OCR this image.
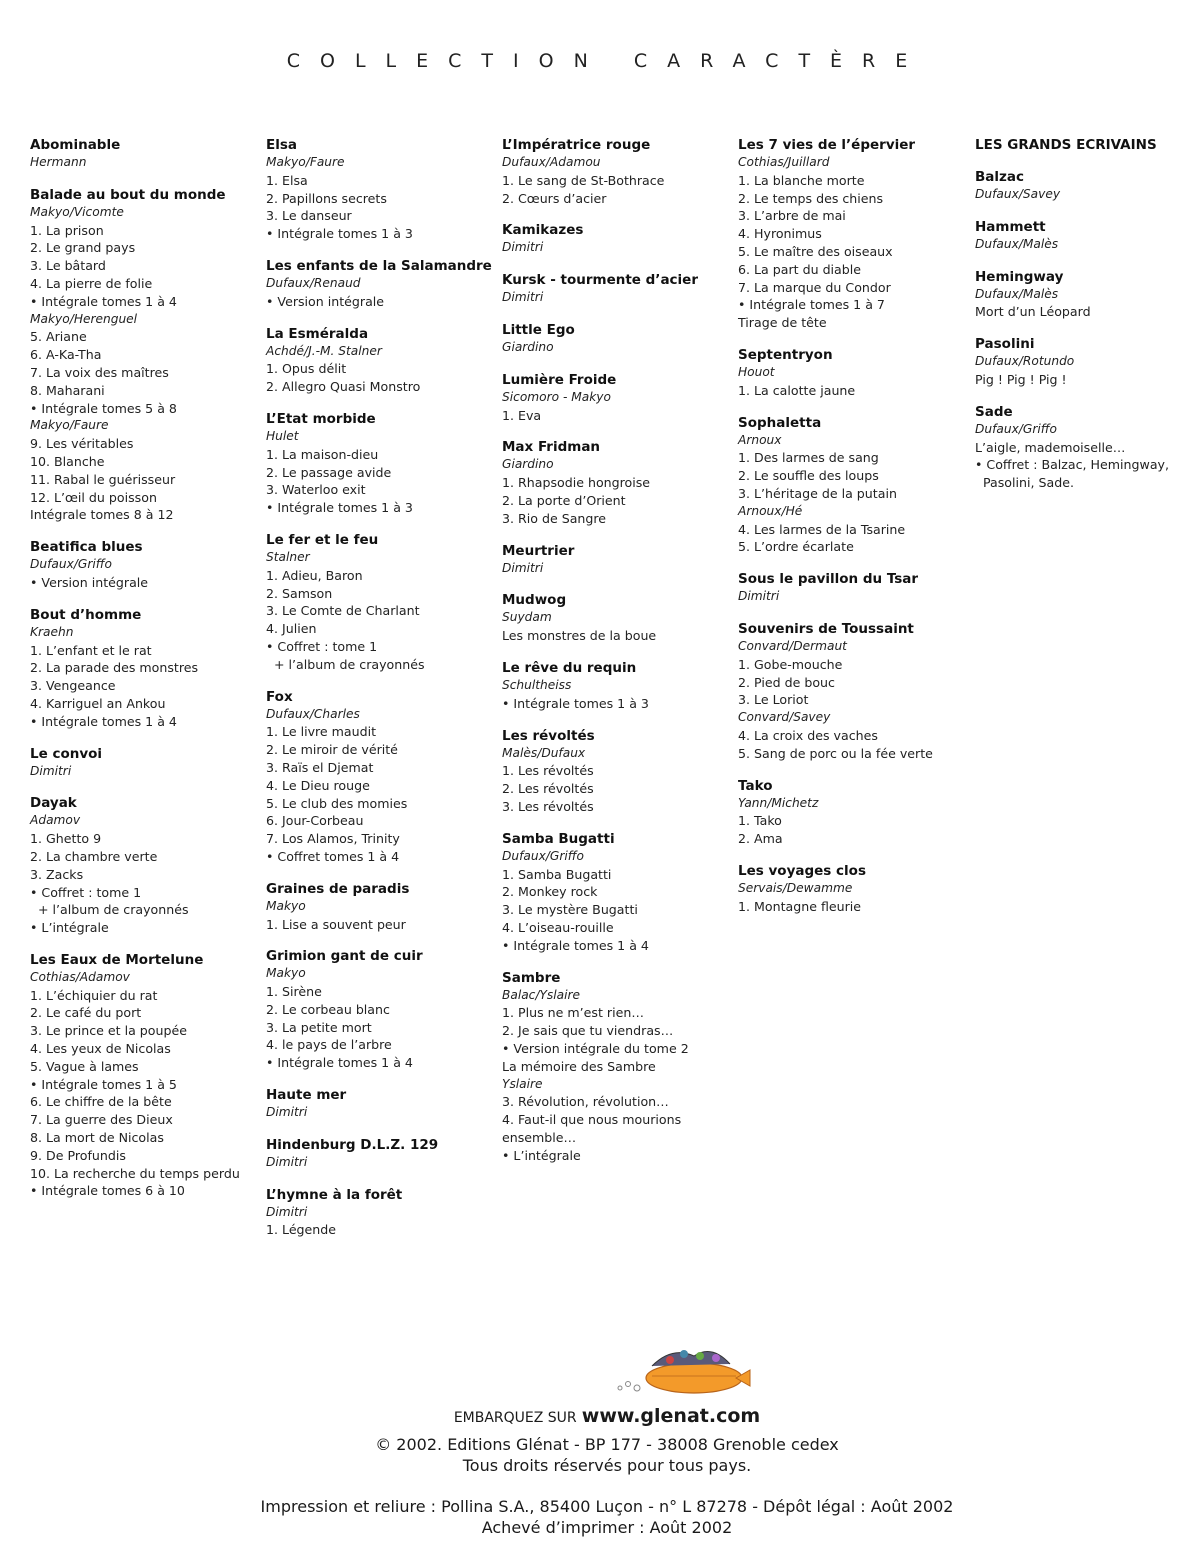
COLLECTION CARACTÈRE
Abominable
Hermann
Balade au bout du monde
Makyo/Vicomte
1. La prison
2. Le grand pays
3. Le bâtard
4. La pierre de folie
• Intégrale tomes 1 à 4
Makyo/Herenguel
5. Ariane
6. A-Ka-Tha
7. La voix des maîtres
8. Maharani
• Intégrale tomes 5 à 8
Makyo/Faure
9. Les véritables
10. Blanche
11. Rabal le guérisseur
12. L’œil du poisson
Intégrale tomes 8 à 12
Beatifica blues
Dufaux/Griffo
• Version intégrale
Bout d’homme
Kraehn
1. L’enfant et le rat
2. La parade des monstres
3. Vengeance
4. Karriguel an Ankou
• Intégrale tomes 1 à 4
Le convoi
Dimitri
Dayak
Adamov
1. Ghetto 9
2. La chambre verte
3. Zacks
• Coffret : tome 1
+ l’album de crayonnés
• L’intégrale
Les Eaux de Mortelune
Cothias/Adamov
1. L’échiquier du rat
2. Le café du port
3. Le prince et la poupée
4. Les yeux de Nicolas
5. Vague à lames
• Intégrale tomes 1 à 5
6. Le chiffre de la bête
7. La guerre des Dieux
8. La mort de Nicolas
9. De Profundis
10. La recherche du temps perdu
• Intégrale tomes 6 à 10
Elsa
Makyo/Faure
1. Elsa
2. Papillons secrets
3. Le danseur
• Intégrale tomes 1 à 3
Les enfants de la Salamandre
Dufaux/Renaud
• Version intégrale
La Esméralda
Achdé/J.-M. Stalner
1. Opus délit
2. Allegro Quasi Monstro
L’Etat morbide
Hulet
1. La maison-dieu
2. Le passage avide
3. Waterloo exit
• Intégrale tomes 1 à 3
Le fer et le feu
Stalner
1. Adieu, Baron
2. Samson
3. Le Comte de Charlant
4. Julien
• Coffret : tome 1
+ l’album de crayonnés
Fox
Dufaux/Charles
1. Le livre maudit
2. Le miroir de vérité
3. Raïs el Djemat
4. Le Dieu rouge
5. Le club des momies
6. Jour-Corbeau
7. Los Alamos, Trinity
• Coffret tomes 1 à 4
Graines de paradis
Makyo
1. Lise a souvent peur
Grimion gant de cuir
Makyo
1. Sirène
2. Le corbeau blanc
3. La petite mort
4. le pays de l’arbre
• Intégrale tomes 1 à 4
Haute mer
Dimitri
Hindenburg D.L.Z. 129
Dimitri
L’hymne à la forêt
Dimitri
1. Légende
L’Impératrice rouge
Dufaux/Adamou
1. Le sang de St-Bothrace
2. Cœurs d’acier
Kamikazes
Dimitri
Kursk - tourmente d’acier
Dimitri
Little Ego
Giardino
Lumière Froide
Sicomoro - Makyo
1. Eva
Max Fridman
Giardino
1. Rhapsodie hongroise
2. La porte d’Orient
3. Rio de Sangre
Meurtrier
Dimitri
Mudwog
Suydam
Les monstres de la boue
Le rêve du requin
Schultheiss
• Intégrale tomes 1 à 3
Les révoltés
Malès/Dufaux
1. Les révoltés
2. Les révoltés
3. Les révoltés
Samba Bugatti
Dufaux/Griffo
1. Samba Bugatti
2. Monkey rock
3. Le mystère Bugatti
4. L’oiseau-rouille
• Intégrale tomes 1 à 4
Sambre
Balac/Yslaire
1. Plus ne m’est rien…
2. Je sais que tu viendras…
• Version intégrale du tome 2
La mémoire des Sambre
Yslaire
3. Révolution, révolution…
4. Faut-il que nous mourions
ensemble…
• L’intégrale
Les 7 vies de l’épervier
Cothias/Juillard
1. La blanche morte
2. Le temps des chiens
3. L’arbre de mai
4. Hyronimus
5. Le maître des oiseaux
6. La part du diable
7. La marque du Condor
• Intégrale tomes 1 à 7
Tirage de tête
Septentryon
Houot
1. La calotte jaune
Sophaletta
Arnoux
1. Des larmes de sang
2. Le souffle des loups
3. L’héritage de la putain
Arnoux/Hé
4. Les larmes de la Tsarine
5. L’ordre écarlate
Sous le pavillon du Tsar
Dimitri
Souvenirs de Toussaint
Convard/Dermaut
1. Gobe-mouche
2. Pied de bouc
3. Le Loriot
Convard/Savey
4. La croix des vaches
5. Sang de porc ou la fée verte
Tako
Yann/Michetz
1. Tako
2. Ama
Les voyages clos
Servais/Dewamme
1. Montagne fleurie
LES GRANDS ECRIVAINS
Balzac
Dufaux/Savey
Hammett
Dufaux/Malès
Hemingway
Dufaux/Malès
Mort d’un Léopard
Pasolini
Dufaux/Rotundo
Pig ! Pig ! Pig !
Sade
Dufaux/Griffo
L’aigle, mademoiselle…
• Coffret : Balzac, Hemingway,
Pasolini, Sade.
EMBARQUEZ SUR www.glenat.com
© 2002. Editions Glénat - BP 177 - 38008 Grenoble cedex
Tous droits réservés pour tous pays.
Impression et reliure : Pollina S.A., 85400 Luçon - n° L 87278 - Dépôt légal : Août 2002
Achevé d’imprimer : Août 2002
